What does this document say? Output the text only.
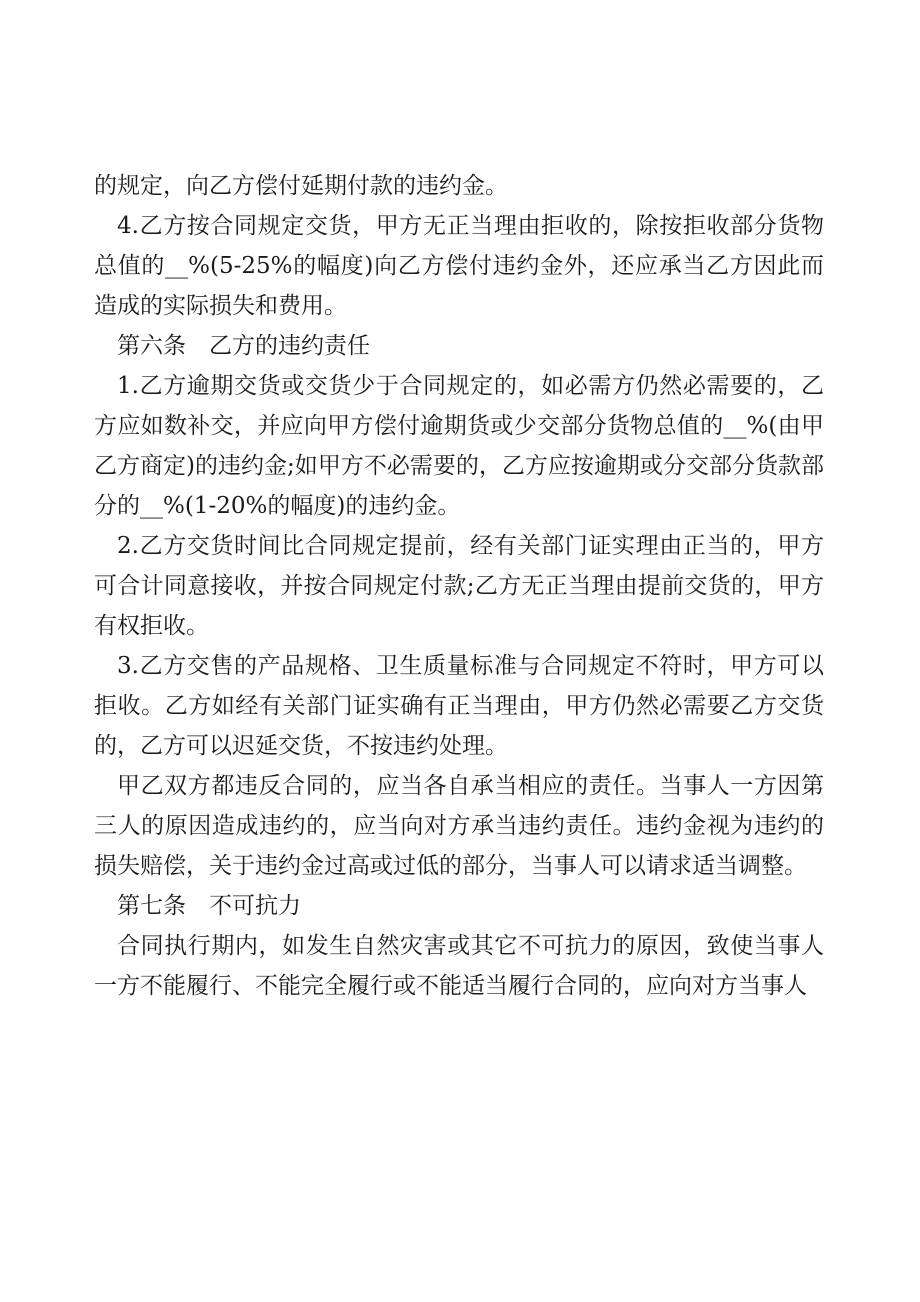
的规定，向乙方偿付延期付款的违约金。

4.乙方按合同规定交货，甲方无正当理由拒收的，除按拒收部分货物总值的__%(5-25%的幅度)向乙方偿付违约金外，还应承当乙方因此而造成的实际损失和费用。

第六条　乙方的违约责任

1.乙方逾期交货或交货少于合同规定的，如必需方仍然必需要的，乙方应如数补交，并应向甲方偿付逾期货或少交部分货物总值的__%(由甲乙方商定)的违约金;如甲方不必需要的，乙方应按逾期或分交部分货款部分的__%(1-20%的幅度)的违约金。

2.乙方交货时间比合同规定提前，经有关部门证实理由正当的，甲方可合计同意接收，并按合同规定付款;乙方无正当理由提前交货的，甲方有权拒收。

3.乙方交售的产品规格、卫生质量标准与合同规定不符时，甲方可以拒收。乙方如经有关部门证实确有正当理由，甲方仍然必需要乙方交货的，乙方可以迟延交货，不按违约处理。

甲乙双方都违反合同的，应当各自承当相应的责任。当事人一方因第三人的原因造成违约的，应当向对方承当违约责任。违约金视为违约的损失赔偿，关于违约金过高或过低的部分，当事人可以请求适当调整。

第七条　不可抗力

合同执行期内，如发生自然灾害或其它不可抗力的原因，致使当事人一方不能履行、不能完全履行或不能适当履行合同的，应向对方当事人
